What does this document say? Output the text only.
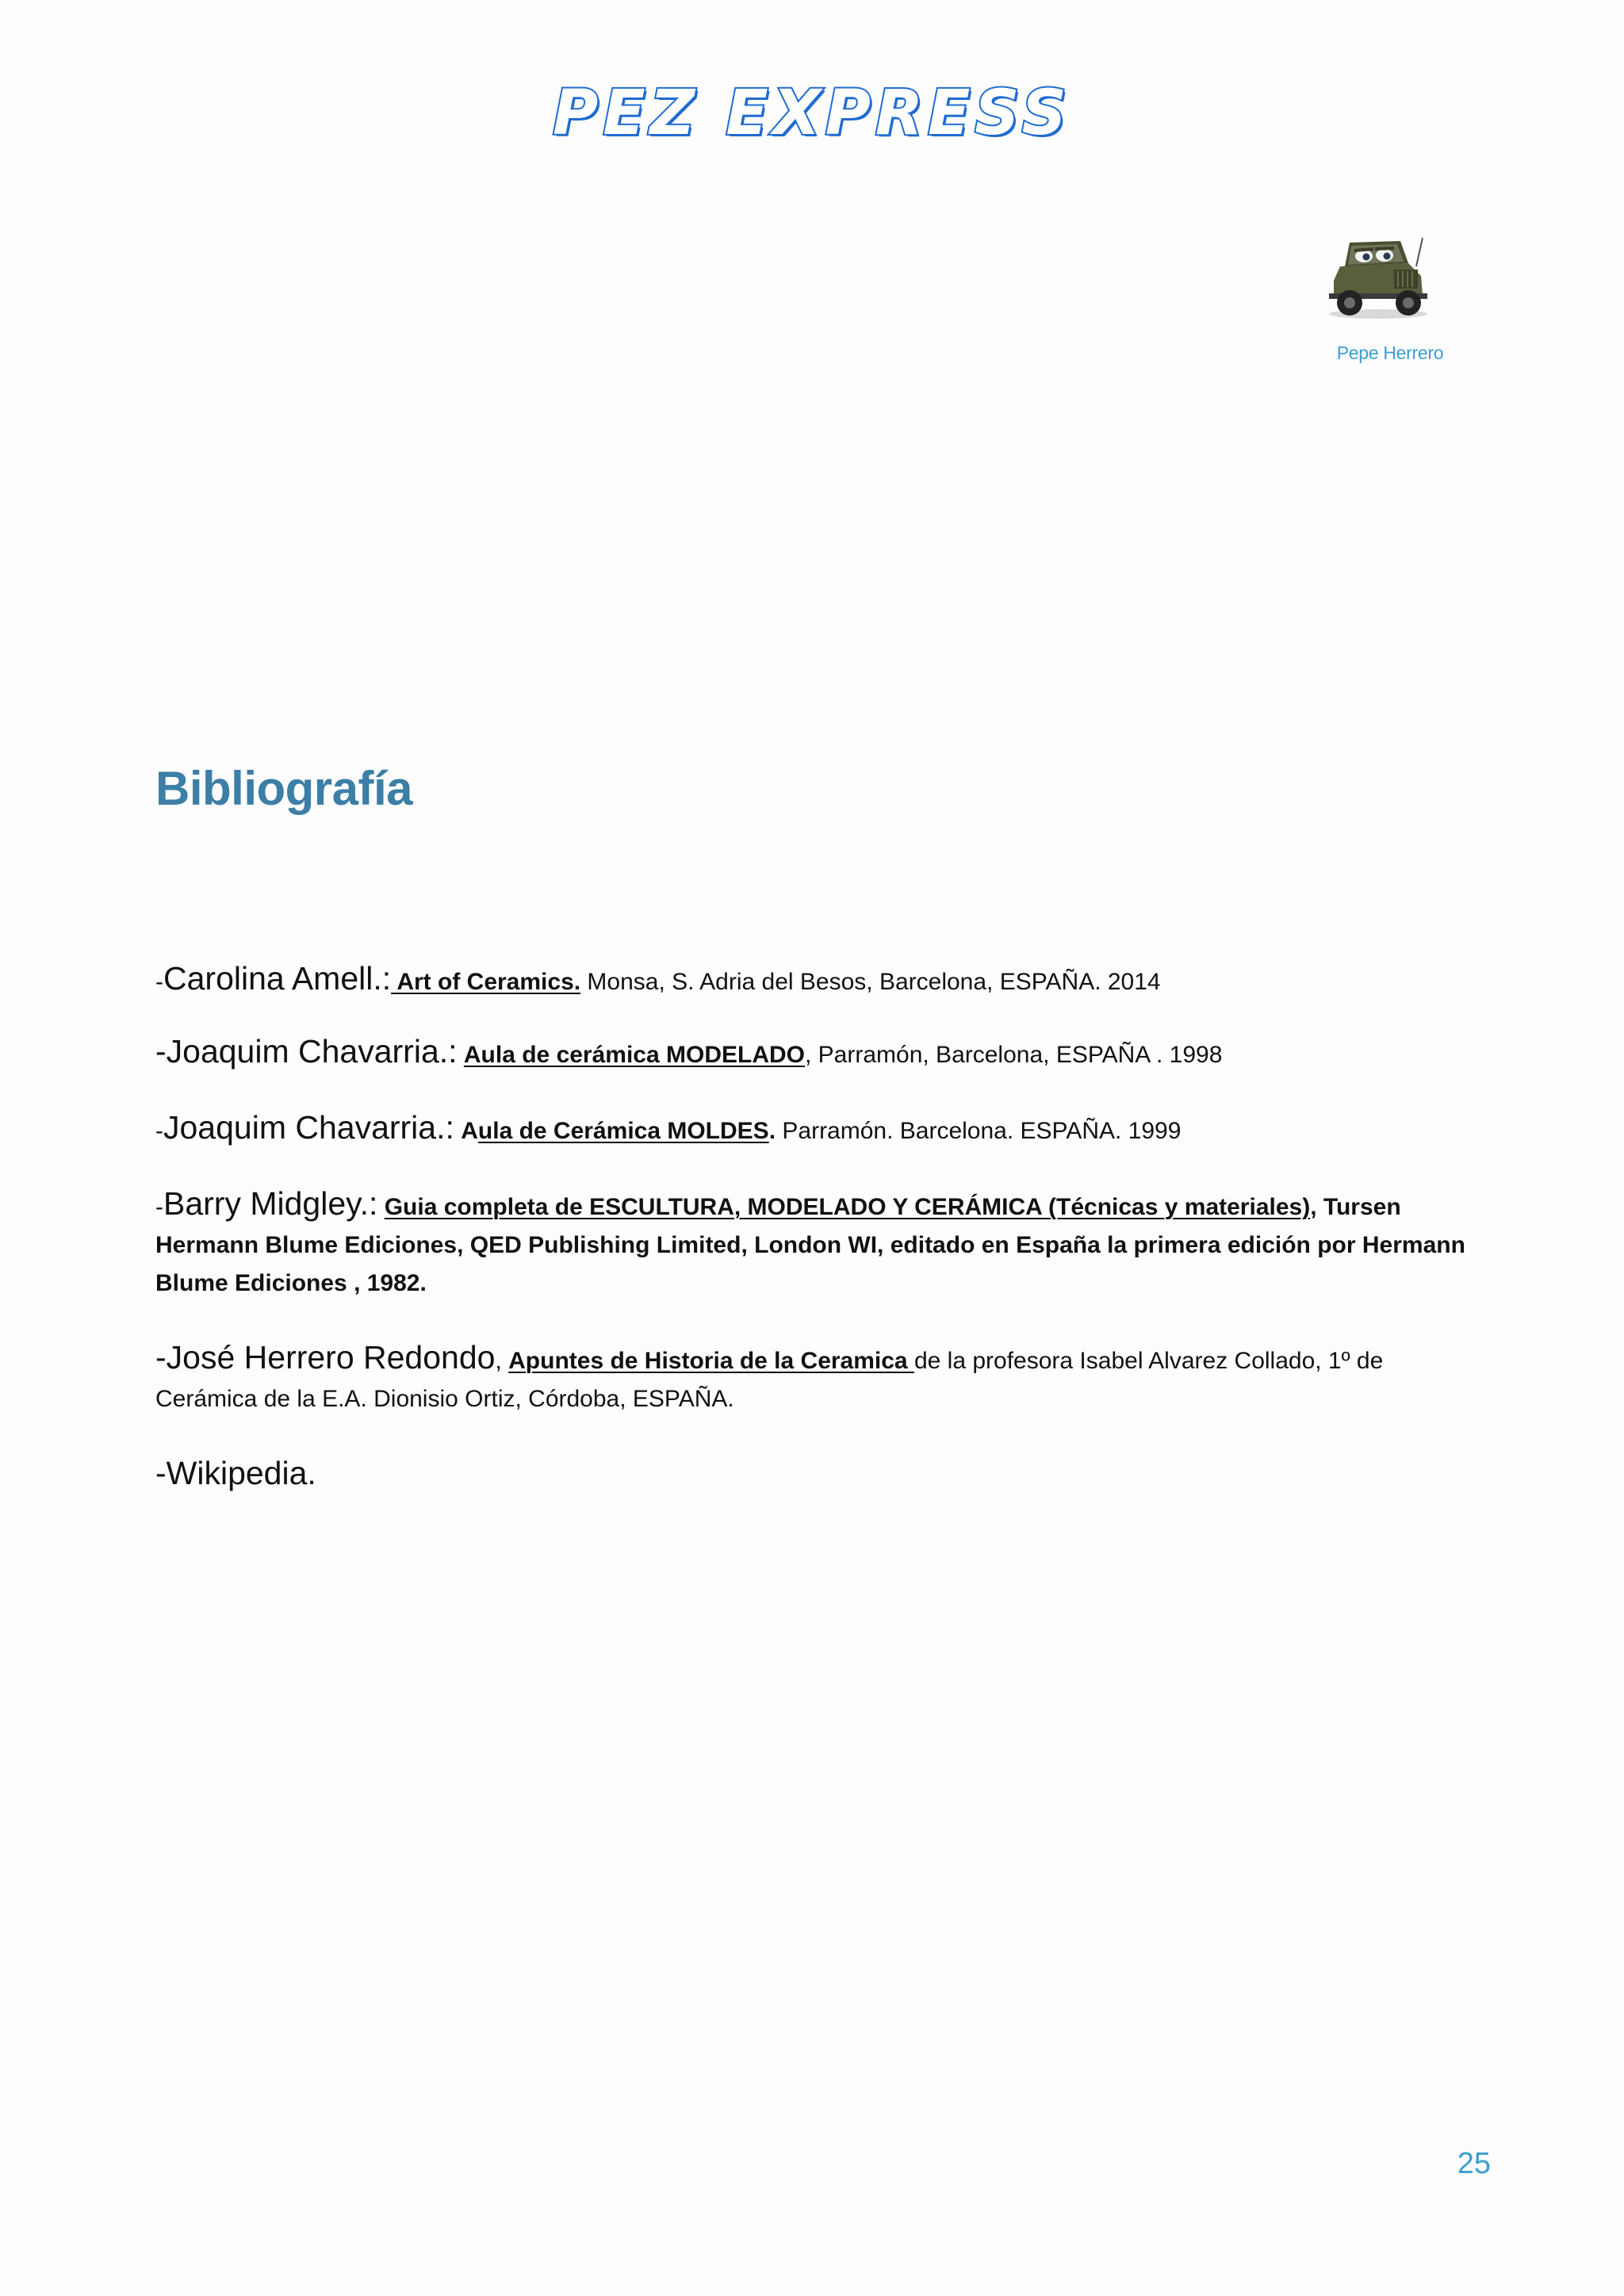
PEZ EXPRESS
Pepe Herrero
Bibliografía
-Carolina Amell.: Art of Ceramics. Monsa, S. Adria del Besos, Barcelona, ESPAÑA. 2014
-Joaquim Chavarria.: Aula de cerámica MODELADO, Parramón, Barcelona, ESPAÑA . 1998
-Joaquim Chavarria.: Aula de Cerámica MOLDES. Parramón. Barcelona. ESPAÑA. 1999
-Barry Midgley.: Guia completa de ESCULTURA, MODELADO Y CERÁMICA (Técnicas y materiales), Tursen Hermann Blume Ediciones, QED Publishing Limited, London WI, editado en España la primera edición por Hermann Blume Ediciones , 1982.
-José Herrero Redondo, Apuntes de Historia de la Ceramica de la profesora Isabel Alvarez Collado, 1º de Cerámica de la E.A. Dionisio Ortiz, Córdoba, ESPAÑA.
-Wikipedia.
25
